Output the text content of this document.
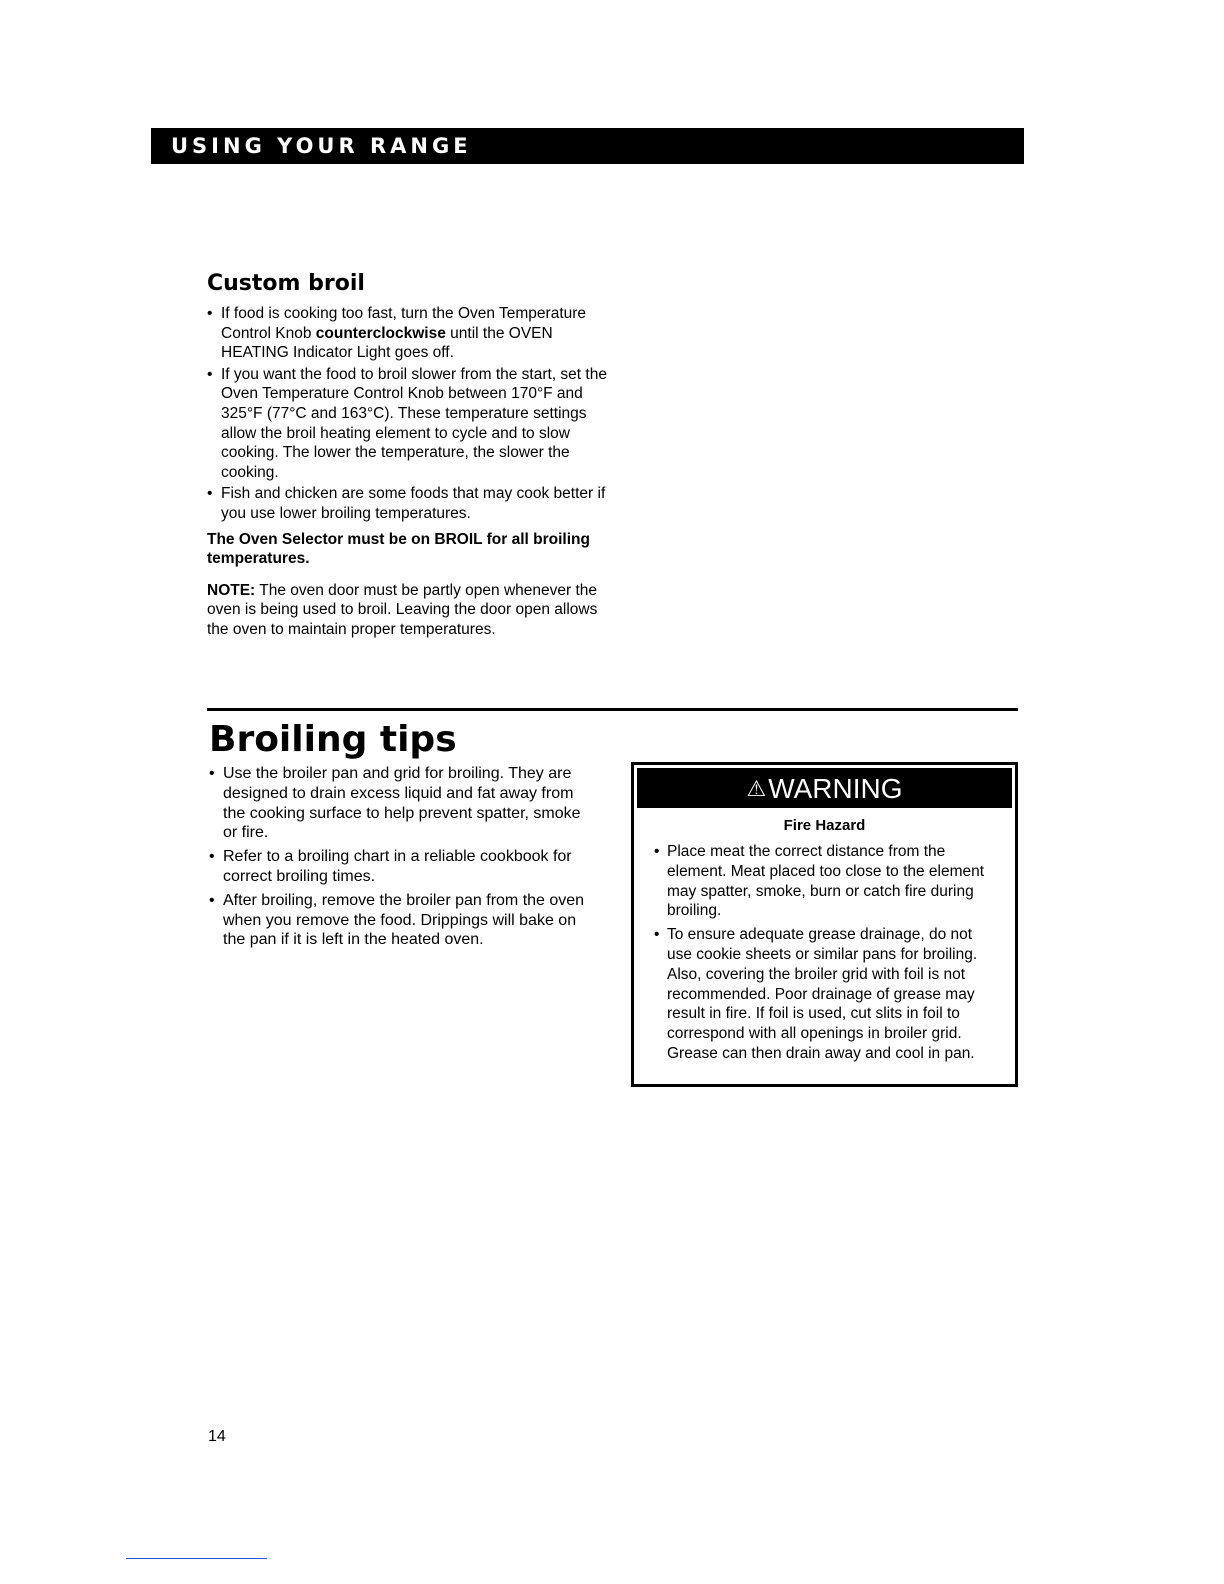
USING YOUR RANGE
Custom broil
• If food is cooking too fast, turn the Oven Temperature Control Knob counterclockwise until the OVEN HEATING Indicator Light goes off.
• If you want the food to broil slower from the start, set the Oven Temperature Control Knob between 170°F and 325°F (77°C and 163°C). These temperature settings allow the broil heating element to cycle and to slow cooking. The lower the temperature, the slower the cooking.
• Fish and chicken are some foods that may cook better if you use lower broiling temperatures.

The Oven Selector must be on BROIL for all broiling temperatures.

NOTE: The oven door must be partly open whenever the oven is being used to broil. Leaving the door open allows the oven to maintain proper temperatures.

Broiling tips
• Use the broiler pan and grid for broiling. They are designed to drain excess liquid and fat away from the cooking surface to help prevent spatter, smoke or fire.
• Refer to a broiling chart in a reliable cookbook for correct broiling times.
• After broiling, remove the broiler pan from the oven when you remove the food. Drippings will bake on the pan if it is left in the heated oven.
⚠WARNING
Fire Hazard
• Place meat the correct distance from the element. Meat placed too close to the element may spatter, smoke, burn or catch fire during broiling.
• To ensure adequate grease drainage, do not use cookie sheets or similar pans for broiling. Also, covering the broiler grid with foil is not recommended. Poor drainage of grease may result in fire. If foil is used, cut slits in foil to correspond with all openings in broiler grid. Grease can then drain away and cool in pan.
14
